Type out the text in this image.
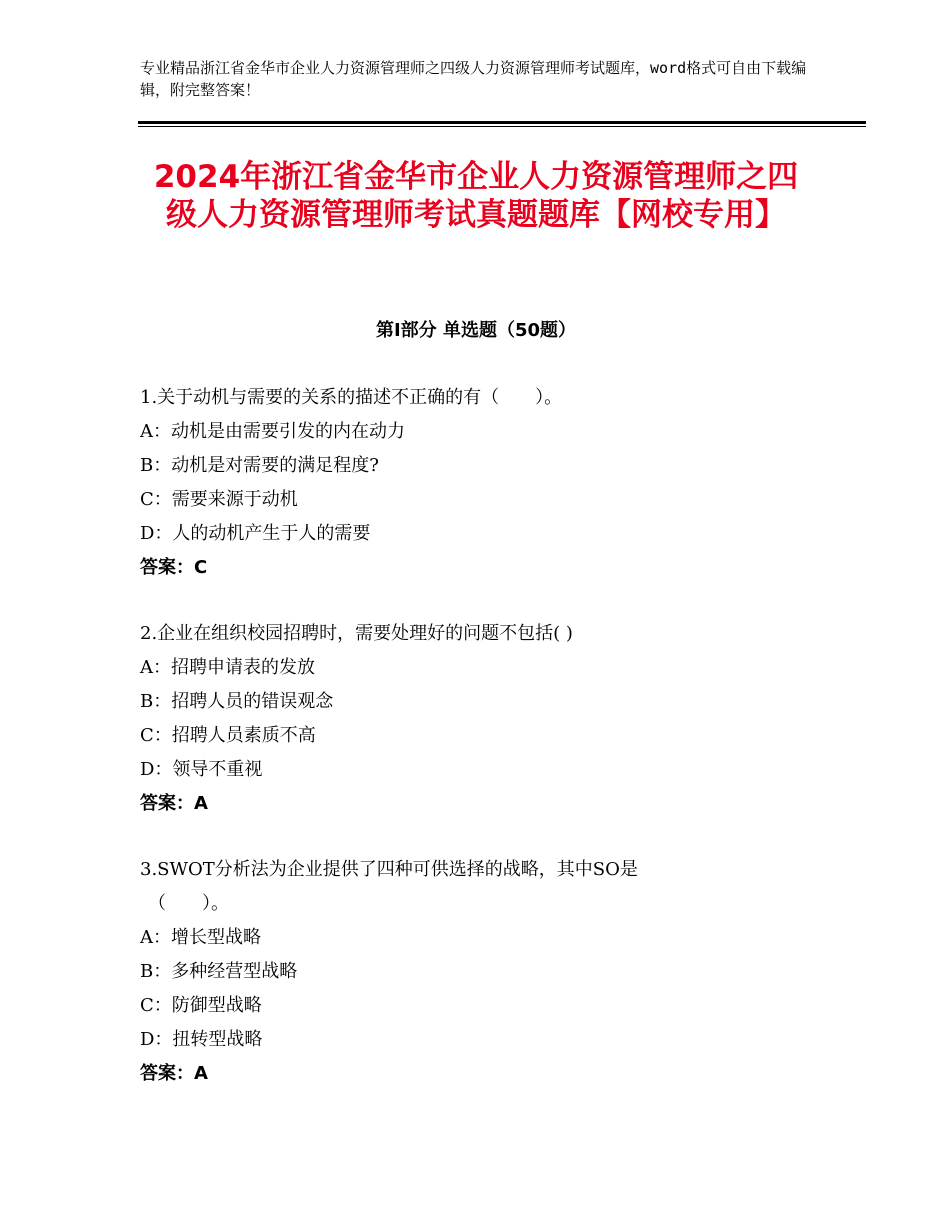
专业精品浙江省金华市企业人力资源管理师之四级人力资源管理师考试题库，word格式可自由下载编辑，附完整答案！
2024年浙江省金华市企业人力资源管理师之四级人力资源管理师考试真题题库【网校专用】
第Ⅰ部分 单选题（50题）
1.关于动机与需要的关系的描述不正确的有（　　）。
A：动机是由需要引发的内在动力
B：动机是对需要的满足程度?
C：需要来源于动机
D：人的动机产生于人的需要
答案：C
2.企业在组织校园招聘时，需要处理好的问题不包括( )
A：招聘申请表的发放
B：招聘人员的错误观念
C：招聘人员素质不高
D：领导不重视
答案：A
3.SWOT分析法为企业提供了四种可供选择的战略，其中SO是
（　　）。
A：增长型战略
B：多种经营型战略
C：防御型战略
D：扭转型战略
答案：A
